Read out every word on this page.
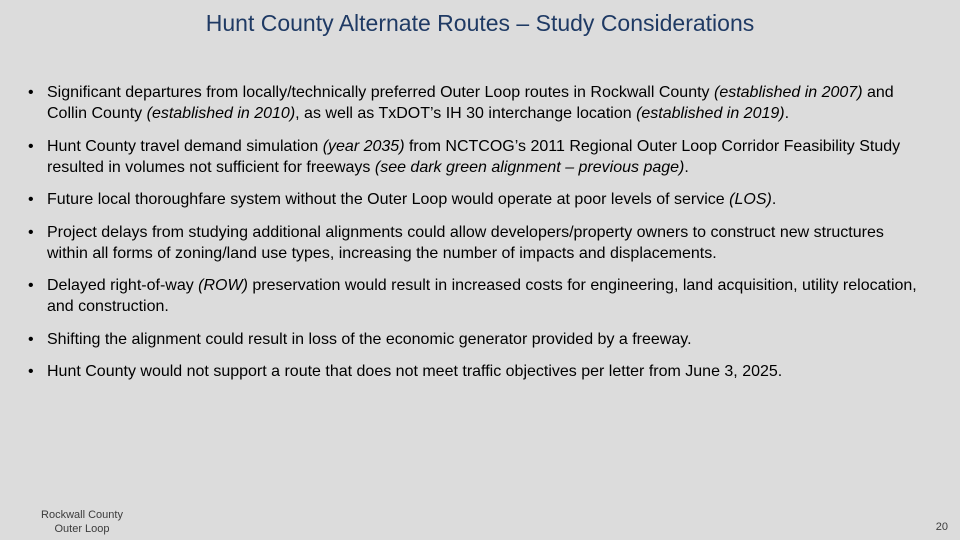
Hunt County Alternate Routes – Study Considerations
• Significant departures from locally/technically preferred Outer Loop routes in Rockwall County (established in 2007) and Collin County (established in 2010), as well as TxDOT’s IH 30 interchange location (established in 2019).
• Hunt County travel demand simulation (year 2035) from NCTCOG’s 2011 Regional Outer Loop Corridor Feasibility Study resulted in volumes not sufficient for freeways (see dark green alignment – previous page).
• Future local thoroughfare system without the Outer Loop would operate at poor levels of service (LOS).
• Project delays from studying additional alignments could allow developers/property owners to construct new structures within all forms of zoning/land use types, increasing the number of impacts and displacements.
• Delayed right-of-way (ROW) preservation would result in increased costs for engineering, land acquisition, utility relocation, and construction.
• Shifting the alignment could result in loss of the economic generator provided by a freeway.
• Hunt County would not support a route that does not meet traffic objectives per letter from June 3, 2025.
Rockwall County
Outer Loop	20
